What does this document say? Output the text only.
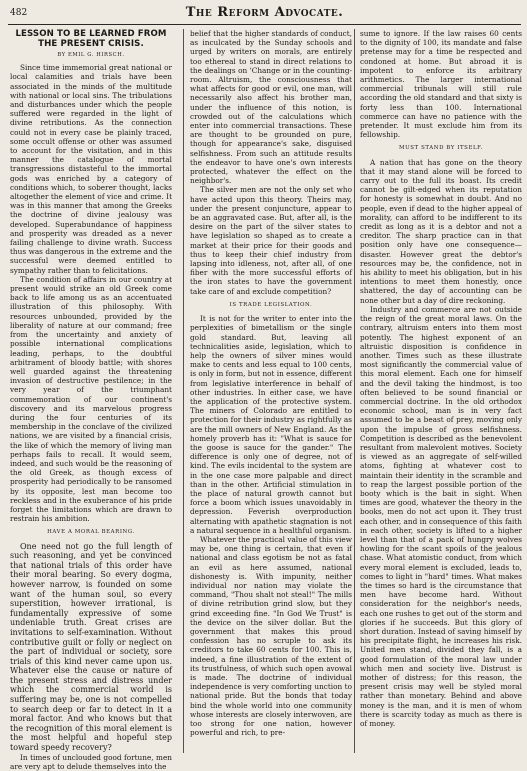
482	The Reform Advocate.
LESSON TO BE LEARNED FROM THE PRESENT CRISIS.
BY EMIL G. HIRSCH.

Since time immemorial great national or local calamities and trials have been associated in the minds of the multitude with national or local sins. The tribulations and disturbances under which the people suffered were regarded in the light of divine retributions. As the connection could not in every case be plainly traced, some occult offense or other was assumed to account for the visitation, and in this manner the catalogue of mortal transgressions distasteful to the immortal gods was enriched by a category of conditions which, to soberer thought, lacks altogether the element of vice and crime. It was in this manner that among the Greeks the doctrine of divine jealousy was developed. Superabundance of happiness and prosperity was dreaded as a never failing challenge to divine wrath. Success thus was dangerous in the extreme and the successful were deemed entitled to sympathy rather than to felicitations.

The condition of affairs in our country at present would strike an old Greek come back to life among us as an accentuated illustration of this philosophy. With resources unbounded, provided by the liberality of nature at our command; free from the uncertainty and anxiety of possible international complications leading, perhaps, to the doubtful arbitrament of bloody battle; with shores well guarded against the threatening invasion of destructive pestilence; in the very year of the triumphant commemoration of our continent's discovery and its marvelous progress during the four centuries of its membership in the conclave of the civilized nations, we are visited by a financial crisis, the like of which the memory of living man perhaps fails to recall. It would seem, indeed, and such would be the reasoning of the old Greek, as though excess of prosperity had periodically to be ransomed by its opposite, lest man become too reckless and in the exuberance of his pride forget the limitations which are drawn to restrain his ambition.

HAVE A MORAL BEARING.

One need not go the full length of such reasoning, and yet be convinced that national trials of this order have their moral bearing. So every dogma, however narrow, is founded on some want of the human soul, so every superstition, however irrational, is fundamentally expressive of some undeniable truth. Great crises are invitations to self-examination. Without contributive guilt or folly or neglect on the part of individual or society, sore trials of this kind never came upon us. Whatever else the cause or nature of the present stress and distress under which the commercial world is suffering may be, one is not compelled to search deep or far to detect in it a moral factor. And who knows but that the recognition of this moral element is the most helpful and hopeful step toward speedy recovery?

In times of unclouded good fortune, men are very apt to delude themselves into the

belief that the higher standards of conduct, as inculcated by the Sunday schools and urged by writers on morals, are entirely too ethereal to stand in direct relations to the dealings on 'Change or in the counting-room. Altruism, the consciousness that what affects for good or evil, one man, will necessarily also affect his brother man, under the influence of this notion, is crowded out of the calculations which enter into commercial transactions. These are thought to be grounded on pure, though for appearance's sake, disguised selfishness. From such an attitude results the endeavor to have one's own interests protected, whatever the effect on the neighbor's.

The silver men are not the only set who have acted upon this theory. Theirs may, under the present conjuncture, appear to be an aggravated case. But, after all, is the desire on the part of the silver states to have legislation so shaped as to create a market at their price for their goods and thus to keep their chief industry from lapsing into idleness, not, after all, of one fiber with the more successful efforts of the iron states to have the government take care of and exclude competition?

IS TRADE LEGISLATION.

It is not for the writer to enter into the perplexities of bimetallism or the single gold standard. But, leaving all technicalities aside, legislation, which to help the owners of silver mines would make to cents and less equal to 100 cents, is only in form, but not in essence, different from legislative interference in behalf of other industries. In either case, we have the application of the protective system. The miners of Colorado are entitled to protection for their industry as rightfully as are the mill owners of New England. As the homely proverb has it: "What is sauce for the goose is sauce for the gander." The difference is only one of degree, not of kind. The evils incidental to the system are in the one case more palpable and direct than in the other. Artificial stimulation in the place of natural growth cannot but force a boom which issues unavoidably in depression. Feverish overproduction alternating with apathetic stagnation is not a natural sequence in a healthful organism.

Whatever the practical value of this view may be, one thing is certain, that even if national and class egotism be not as fatal an evil as here assumed, national dishonesty is. With impunity, neither individual nor nation may violate the command, "Thou shalt not steal!" The mills of divine retribution grind slow, but they grind exceeding fine. "In God We Trust" is the device on the silver dollar. But the government that makes this proud confession has no scruple to ask its creditors to take 60 cents for 100. This is, indeed, a fine illustration of the extent of its trustfulness, of which such open avowal is made. The doctrine of individual independence is very comforting unction to national pride. But the bonds that today bind the whole world into one community whose interests are closely interwoven, are too strong for one nation, however powerful and rich, to pre-

sume to ignore. If the law raises 60 cents to the dignity of 100, its mandate and false pretense may for a time be respected and condoned at home. But abroad it is impotent to enforce its arbitrary arithmetics. The larger international commercial tribunals will still rule according the old standard and that sixty is forty less than 100. International commerce can have no patience with the pretender. It must exclude him from its fellowship.

MUST STAND BY ITSELF.

A nation that has gone on the theory that it may stand alone will be forced to carry out to the full its boast. Its credit cannot be gilt-edged when its reputation for honesty is somewhat in doubt. And no people, even if dead to the higher appeal of morality, can afford to be indifferent to its credit as long as it is a debtor and not a creditor. The sharp practice can in that position only have one consequence—disaster. However great the debtor's resources may be, the confidence, not in his ability to meet his obligation, but in his intentions to meet them honestly, once shattered, the day of accounting can be none other but a day of dire reckoning.

Industry and commerce are not outside the reign of the great moral laws. On the contrary, altruism enters into them most potently. The highest exponent of an altruistic disposition is confidence in another. Times such as these illustrate most significantly the commercial value of this moral element. Each one for himself and the devil taking the hindmost, is too often believed to be sound financial or commercial doctrine. In the old orthodox economic school, man is in very fact assumed to be a beast of prey, moving only upon the impulse of gross selfishness. Competition is described as the benevolent resultant from malevolent motives. Society is viewed as an aggregate of self-willed atoms, fighting at whatever cost to maintain their identity in the scramble and to reap the largest possible portion of the booty which is the bait in sight. When times are good, whatever the theory in the books, men do not act upon it. They trust each other, and in consequence of this faith in each other, society is lifted to a higher level than that of a pack of hungry wolves howling for the scant spoils of the jealous chase. What atomistic conduct, from which every moral element is excluded, leads to, comes to light in "hard" times. What makes the times so hard is the circumstance that men have become hard. Without consideration for the neighbor's needs, each one rushes to get out of the storm and glories if he succeeds. But this glory of short duration. Instead of saving himself by his precipitate flight, he increases his risk. United men stand, divided they fall, is a good formulation of the moral law under which men and society live. Distrust is mother of distress; for this reason, the present crisis may well be styled moral rather than monetary. Behind and above money is the man, and it is men of whom there is scarcity today as much as there is of money.
